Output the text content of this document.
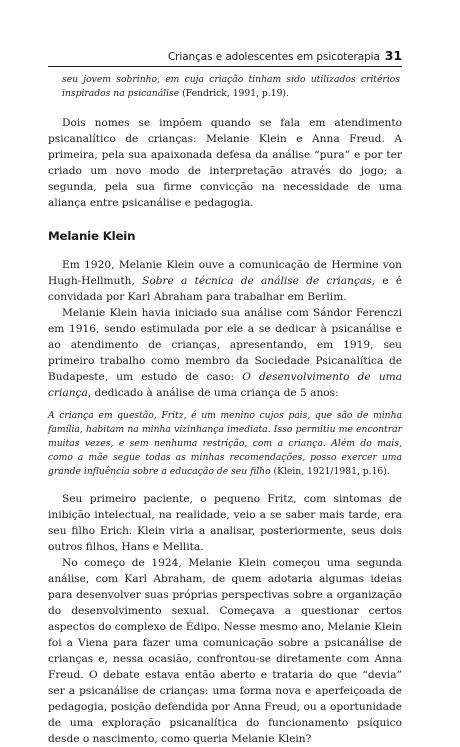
Crianças e adolescentes em psicoterapia 31

seu jovem sobrinho, em cuja criação tinham sido utilizados critérios inspirados na psicanálise (Fendrick, 1991, p.19).

Dois nomes se impõem quando se fala em atendimento psicanalítico de crianças: Melanie Klein e Anna Freud. A primeira, pela sua apaixonada defesa da análise “pura” e por ter criado um novo modo de interpretação através do jogo; a segunda, pela sua firme convicção na necessidade de uma aliança entre psicanálise e pedagogia.

Melanie Klein

Em 1920, Melanie Klein ouve a comunicação de Hermine von Hugh-Hellmuth, Sobre a técnica de análise de crianças, e é convidada por Karl Abraham para trabalhar em Berlim.

Melanie Klein havia iniciado sua análise com Sándor Ferenczi em 1916, sendo estimulada por ele a se dedicar à psicanálise e ao atendimento de crianças, apresentando, em 1919, seu primeiro trabalho como membro da Sociedade Psicanalítica de Budapeste, um estudo de caso: O desenvolvimento de uma criança, dedicado à análise de uma criança de 5 anos:

A criança em questão, Fritz, é um menino cujos pais, que são de minha família, habitam na minha vizinhança imediata. Isso permitiu me encontrar muitas vezes, e sem nenhuma restrição, com a criança. Além do mais, como a mãe segue todas as minhas recomendações, posso exercer uma grande influência sobre a educação de seu filho (Klein, 1921/1981, p.16).

Seu primeiro paciente, o pequeno Fritz, com sintomas de inibição intelectual, na realidade, veio a se saber mais tarde, era seu filho Erich. Klein viria a analisar, posteriormente, seus dois outros filhos, Hans e Mellita.

No começo de 1924, Melanie Klein começou uma segunda análise, com Karl Abraham, de quem adotaria algumas ideias para desenvolver suas próprias perspectivas sobre a organização do desenvolvimento sexual. Começava a questionar certos aspectos do complexo de Édipo. Nesse mesmo ano, Melanie Klein foi a Viena para fazer uma comunicação sobre a psicanálise de crianças e, nessa ocasião, confrontou-se diretamente com Anna Freud. O debate estava então aberto e trataria do que “devia” ser a psicanálise de crianças: uma forma nova e aperfeiçoada de pedagogia, posição defendida por Anna Freud, ou a oportunidade de uma exploração psicanalítica do funcionamento psíquico desde o nascimento, como queria Melanie Klein?
